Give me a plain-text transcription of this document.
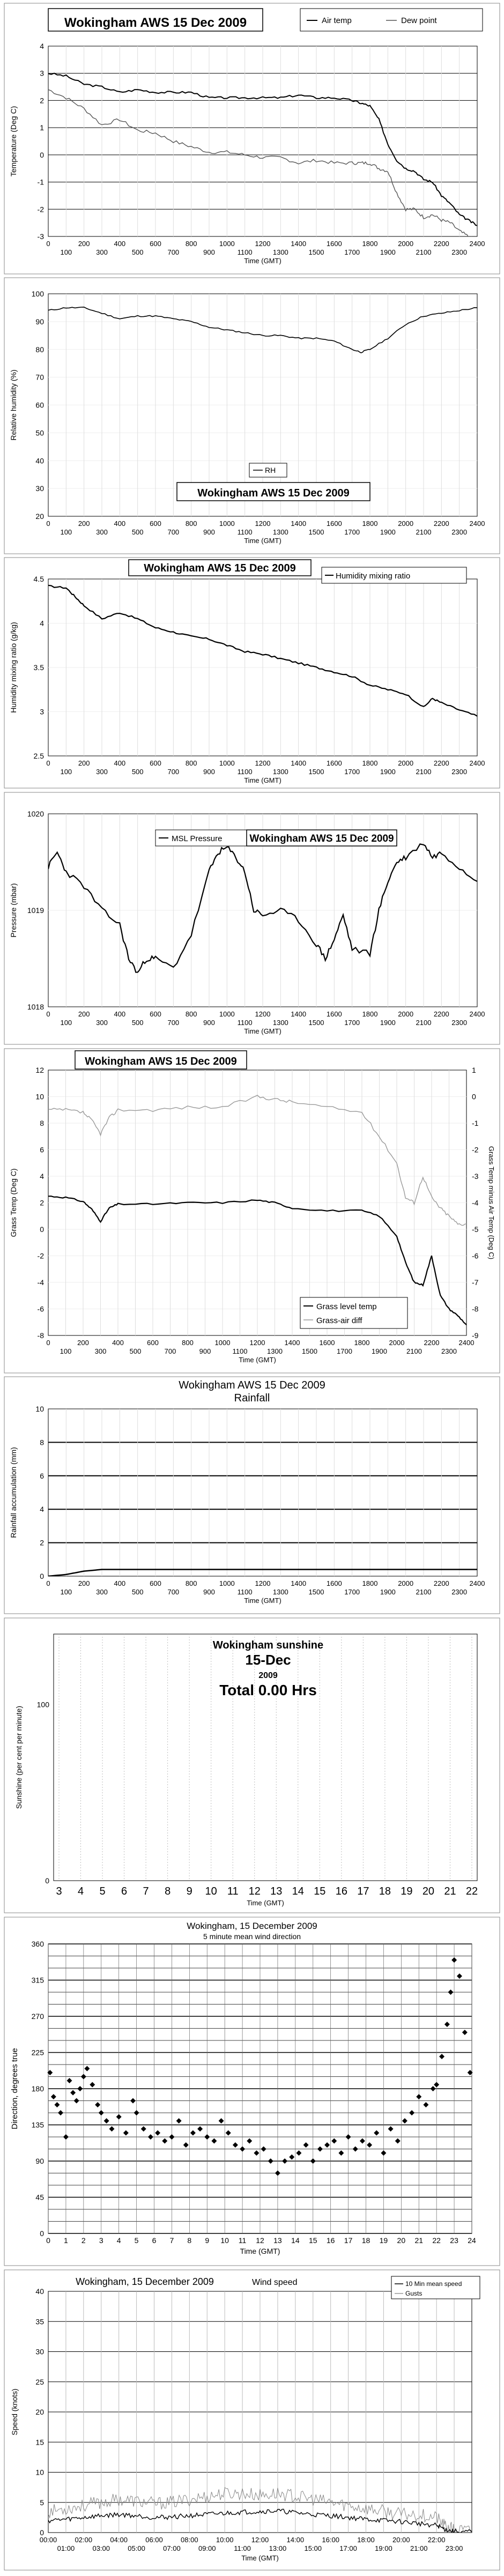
4
3
2
1
0
-1
-2
-3
0	200	400	600	800	1000	1200	1400	1600	1800	2000	2200	2400
100	300	500	700	900	1100	1300	1500	1700	1900	2100	2300
Time (GMT)
Temperature (Deg C)
Wokingham AWS 15 Dec 2009	Air temp	Dew point
100
90
80
70
60
50
40
30
20
0	200	400	600	800	1000	1200	1400	1600	1800	2000	2200	2400
100	300	500	700	900	1100	1300	1500	1700	1900	2100	2300
Time (GMT)
Relative humidity (%)
RH
Wokingham AWS 15 Dec 2009
4.5
4
3.5
3
2.5
0	200	400	600	800	1000	1200	1400	1600	1800	2000	2200	2400
100	300	500	700	900	1100	1300	1500	1700	1900	2100	2300
Time (GMT)
Humidity mixing ratio (g/kg)
Wokingham AWS 15 Dec 2009
Humidity mixing ratio
1020
1019
1018
0	200	400	600	800	1000	1200	1400	1600	1800	2000	2200	2400
100	300	500	700	900	1100	1300	1500	1700	1900	2100	2300
Time (GMT)
Pressure (mbar)
MSL Pressure	Wokingham AWS 15 Dec 2009
12
10
8
6
4
2
0
-2
-4
-6
-8
0	200	400	600	800	1000	1200	1400	1600	1800	2000	2200	2400
100	300	500	700	900	1100	1300	1500	1700	1900	2100	2300
Time (GMT)
1
0
-1
-2
-3
-4
-5
-6
-7
-8
-9
Grass Temp (Deg C)	Grass Temp minus Air Temp (Deg C)
Wokingham AWS 15 Dec 2009
Grass level temp
Grass-air diff
10
8
6
4
2
0
0	200	400	600	800	1000	1200	1400	1600	1800	2000	2200	2400
100	300	500	700	900	1100	1300	1500	1700	1900	2100	2300
Time (GMT)
Rainfall accumulation (mm)
Wokingham AWS 15 Dec 2009
Rainfall
100
0
3 4 5 6 7 8 9 10 11 12 13 14 15 16 17 18 19 20 21 22
Time (GMT)
Sunshine (per cent per minute)
Wokingham sunshine
15-Dec
2009
Total 0.00 Hrs
360
315
270
225
180
135
90
45
0
0 1 2 3 4 5 6 7 8 9 10 11 12 13 14 15 16 17 18 19 20 21 22 23 24
Time (GMT)
Direction, degrees true
Wokingham, 15 December 2009
5 minute mean wind direction
40
35
30
25
20
15
10
5
0
00:00	02:00	04:00	06:00	08:00	10:00	12:00	14:00	16:00	18:00	20:00	22:00
01:00	03:00	05:00	07:00	09:00	11:00	13:00	15:00	17:00	19:00	21:00	23:00
Time (GMT)
Speed (knots)
Wokingham, 15 December 2009	Wind speed	10 Min mean speed
Gusts
